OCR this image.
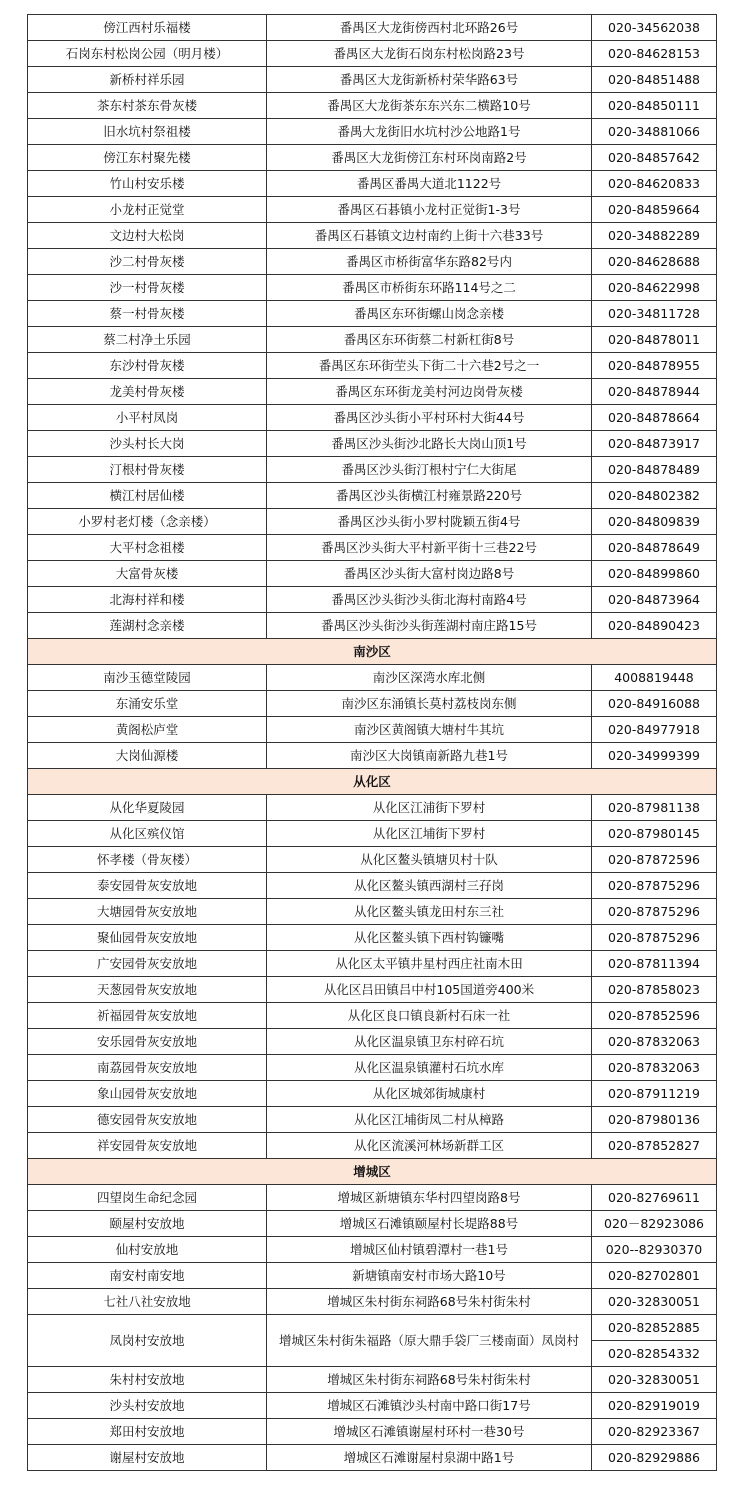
傍江西村乐福楼	番禺区大龙街傍西村北环路26号	020-34562038
石岗东村松岗公园（明月楼）	番禺区大龙街石岗东村松岗路23号	020-84628153
新桥村祥乐园	番禺区大龙街新桥村荣华路63号	020-84851488
茶东村茶东骨灰楼	番禺区大龙街茶东东兴东二横路10号	020-84850111
旧水坑村祭祖楼	番禺大龙街旧水坑村沙公地路1号	020-34881066
傍江东村聚先楼	番禺区大龙街傍江东村环岗南路2号	020-84857642
竹山村安乐楼	番禺区番禺大道北1122号	020-84620833
小龙村正觉堂	番禺区石碁镇小龙村正觉街1-3号	020-84859664
文边村大松岗	番禺区石碁镇文边村南约上街十六巷33号	020-34882289
沙二村骨灰楼	番禺区市桥街富华东路82号内	020-84628688
沙一村骨灰楼	番禺区市桥街东环路114号之二	020-84622998
蔡一村骨灰楼	番禺区东环街螺山岗念亲楼	020-34811728
蔡二村净土乐园	番禺区东环街蔡二村新杠街8号	020-84878011
东沙村骨灰楼	番禺区东环街茔头下街二十六巷2号之一	020-84878955
龙美村骨灰楼	番禺区东环街龙美村河边岗骨灰楼	020-84878944
小平村凤岗	番禺区沙头街小平村环村大街44号	020-84878664
沙头村长大岗	番禺区沙头街沙北路长大岗山顶1号	020-84873917
汀根村骨灰楼	番禺区沙头街汀根村宁仁大街尾	020-84878489
横江村居仙楼	番禺区沙头街横江村雍景路220号	020-84802382
小罗村老灯楼（念亲楼）	番禺区沙头街小罗村陇颖五街4号	020-84809839
大平村念祖楼	番禺区沙头街大平村新平街十三巷22号	020-84878649
大富骨灰楼	番禺区沙头街大富村岗边路8号	020-84899860
北海村祥和楼	番禺区沙头街沙头街北海村南路4号	020-84873964
莲湖村念亲楼	番禺区沙头街沙头街莲湖村南庄路15号	020-84890423
南沙区		
南沙玉德堂陵园	南沙区深湾水库北侧	4008819448
东涌安乐堂	南沙区东涌镇长莫村荔枝岗东侧	020-84916088
黄阁松庐堂	南沙区黄阁镇大塘村牛其坑	020-84977918
大岗仙源楼	南沙区大岗镇南新路九巷1号	020-34999399
从化区		
从化华夏陵园	从化区江浦街下罗村	020-87981138
从化区殡仪馆	从化区江埔街下罗村	020-87980145
怀孝楼（骨灰楼）	从化区鳌头镇塘贝村十队	020-87872596
泰安园骨灰安放地	从化区鳌头镇西湖村三孖岗	020-87875296
大塘园骨灰安放地	从化区鳌头镇龙田村东三社	020-87875296
聚仙园骨灰安放地	从化区鳌头镇下西村钩镰嘴	020-87875296
广安园骨灰安放地	从化区太平镇井星村西庄社南木田	020-87811394
天葱园骨灰安放地	从化区吕田镇吕中村105国道旁400米	020-87858023
祈福园骨灰安放地	从化区良口镇良新村石床一社	020-87852596
安乐园骨灰安放地	从化区温泉镇卫东村碎石坑	020-87832063
南荔园骨灰安放地	从化区温泉镇灌村石坑水库	020-87832063
象山园骨灰安放地	从化区城郊街城康村	020-87911219
德安园骨灰安放地	从化区江埔街凤二村从樟路	020-87980136
祥安园骨灰安放地	从化区流溪河林场新群工区	020-87852827
增城区		
四望岗生命纪念园	增城区新塘镇东华村四望岗路8号	020-82769611
颐屋村安放地	增城区石滩镇颐屋村长堤路88号	020－82923086
仙村安放地	增城区仙村镇碧潭村一巷1号	020--82930370
南安村南安地	新塘镇南安村市场大路10号	020-82702801
七社八社安放地	增城区朱村街东祠路68号朱村街朱村	020-32830051
凤岗村安放地	增城区朱村街朱福路（原大鼎手袋厂三楼南面）凤岗村	020-82852885
		020-82854332
朱村村安放地	增城区朱村街东祠路68号朱村街朱村	020-32830051
沙头村安放地	增城区石滩镇沙头村南中路口街17号	020-82919019
郑田村安放地	增城区石滩镇谢屋村环村一巷30号	020-82923367
谢屋村安放地	增城区石滩谢屋村泉湖中路1号	020-82929886
